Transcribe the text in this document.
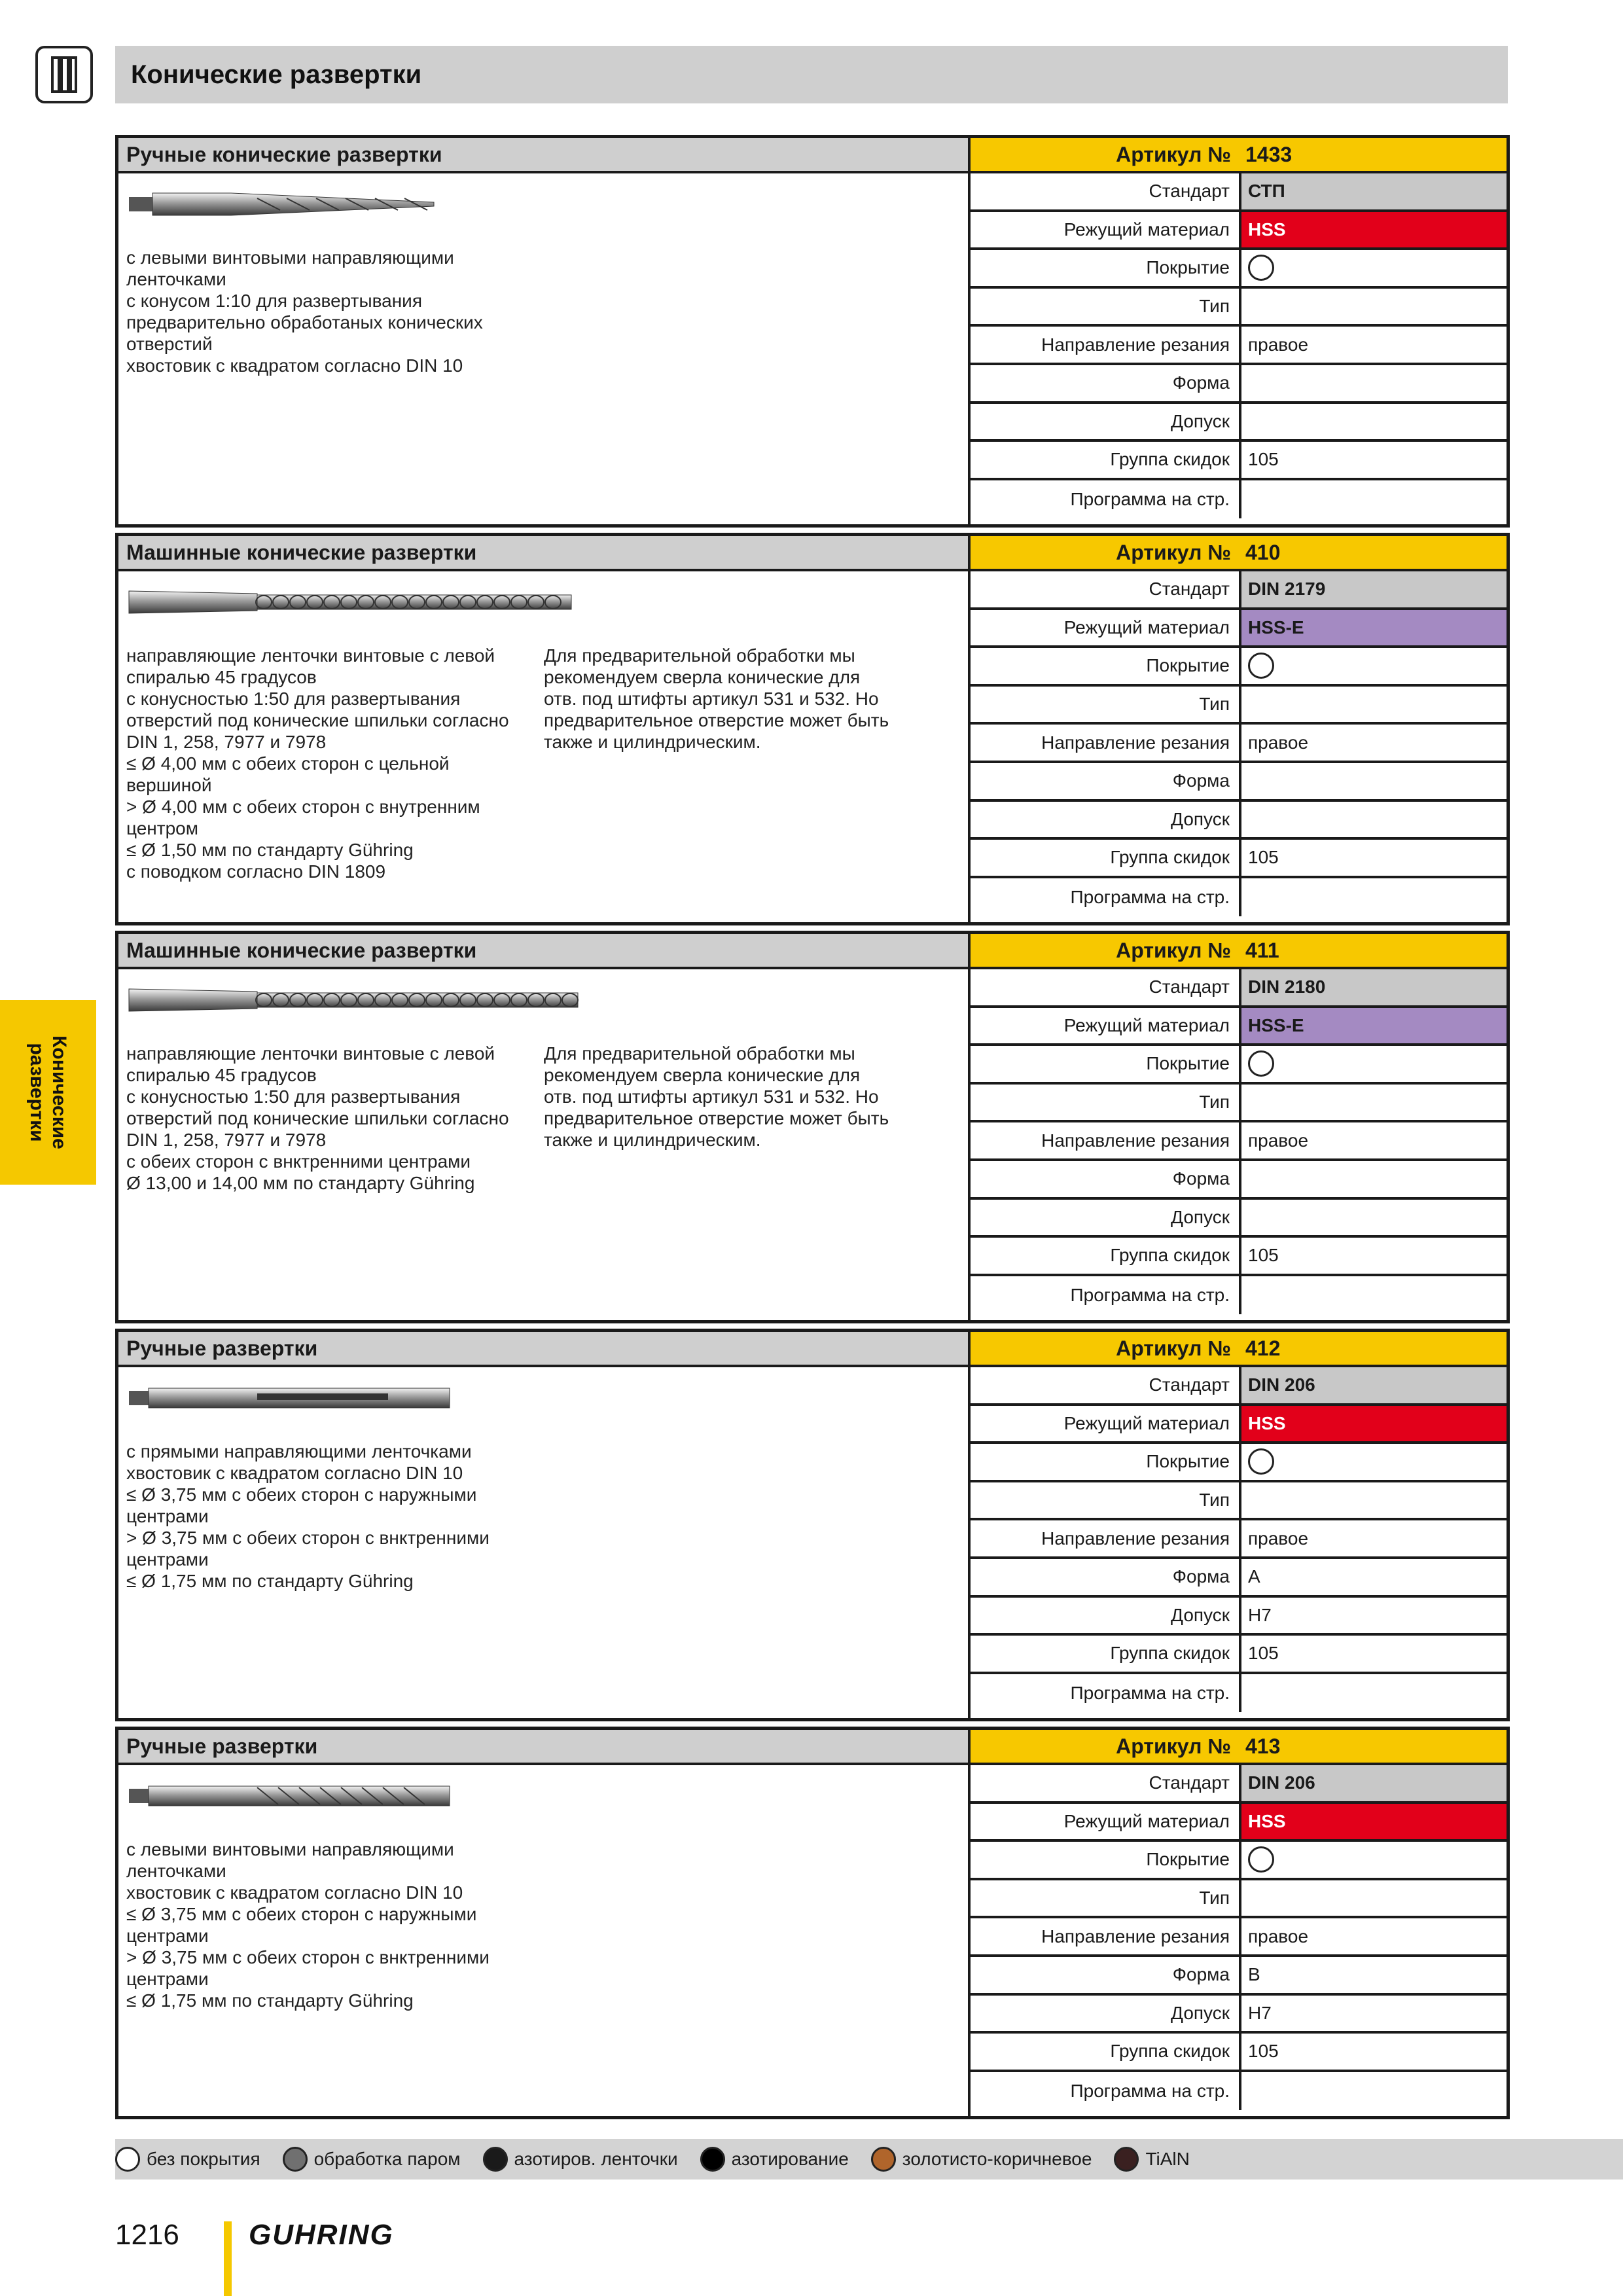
Конические развертки
Конические
развертки
Ручные конические развертки	Артикул № 1433
с левыми винтовыми направляющими
ленточками
с конусом 1:10 для развертывания
предварительно обработаных конических
отверстий
хвостовик с квадратом согласно DIN 10
Стандарт	СТП
Режущий материал	HSS
Покрытие
Тип
Направление резания	правое
Форма
Допуск
Группа скидок	105
Программа на стр.
Машинные конические развертки	Артикул № 410
направляющие ленточки винтовые с левой
спиралью 45 градусов
с конусностью 1:50 для развертывания
отверстий под конические шпильки согласно
DIN 1, 258, 7977 и 7978
≤ Ø 4,00 мм с обеих сторон с цельной
вершиной
> Ø 4,00 мм с обеих сторон с внутренним
центром
≤ Ø 1,50 мм по стандарту Gühring
с поводком согласно DIN 1809
Для предварительной обработки мы
рекомендуем сверла конические для
отв. под штифты артикул 531 и 532. Но
предварительное отверстие может быть
также и цилиндрическим.
Стандарт	DIN 2179
Режущий материал	HSS-E
Покрытие
Тип
Направление резания	правое
Форма
Допуск
Группа скидок	105
Программа на стр.
Машинные конические развертки	Артикул № 411
направляющие ленточки винтовые с левой
спиралью 45 градусов
с конусностью 1:50 для развертывания
отверстий под конические шпильки согласно
DIN 1, 258, 7977 и 7978
с обеих сторон с внктренними центрами
Ø 13,00 и 14,00 мм по стандарту Gühring
Для предварительной обработки мы
рекомендуем сверла конические для
отв. под штифты артикул 531 и 532. Но
предварительное отверстие может быть
также и цилиндрическим.
Стандарт	DIN 2180
Режущий материал	HSS-E
Покрытие
Тип
Направление резания	правое
Форма
Допуск
Группа скидок	105
Программа на стр.
Ручные развертки	Артикул № 412
с прямыми направляющими ленточками
хвостовик с квадратом согласно DIN 10
≤ Ø 3,75 мм с обеих сторон с наружными
центрами
> Ø 3,75 мм с обеих сторон с внктренними
центрами
≤ Ø 1,75 мм по стандарту Gühring
Стандарт	DIN 206
Режущий материал	HSS
Покрытие
Тип
Направление резания	правое
Форма	A
Допуск	H7
Группа скидок	105
Программа на стр.
Ручные развертки	Артикул № 413
с левыми винтовыми направляющими
ленточками
хвостовик с квадратом согласно DIN 10
≤ Ø 3,75 мм с обеих сторон с наружными
центрами
> Ø 3,75 мм с обеих сторон с внктренними
центрами
≤ Ø 1,75 мм по стандарту Gühring
Стандарт	DIN 206
Режущий материал	HSS
Покрытие
Тип
Направление резания	правое
Форма	B
Допуск	H7
Группа скидок	105
Программа на стр.
без покрытия	обработка паром	азотиров. ленточки	азотирование	золотисто-коричневое	TiAlN
1216 GUHRING
